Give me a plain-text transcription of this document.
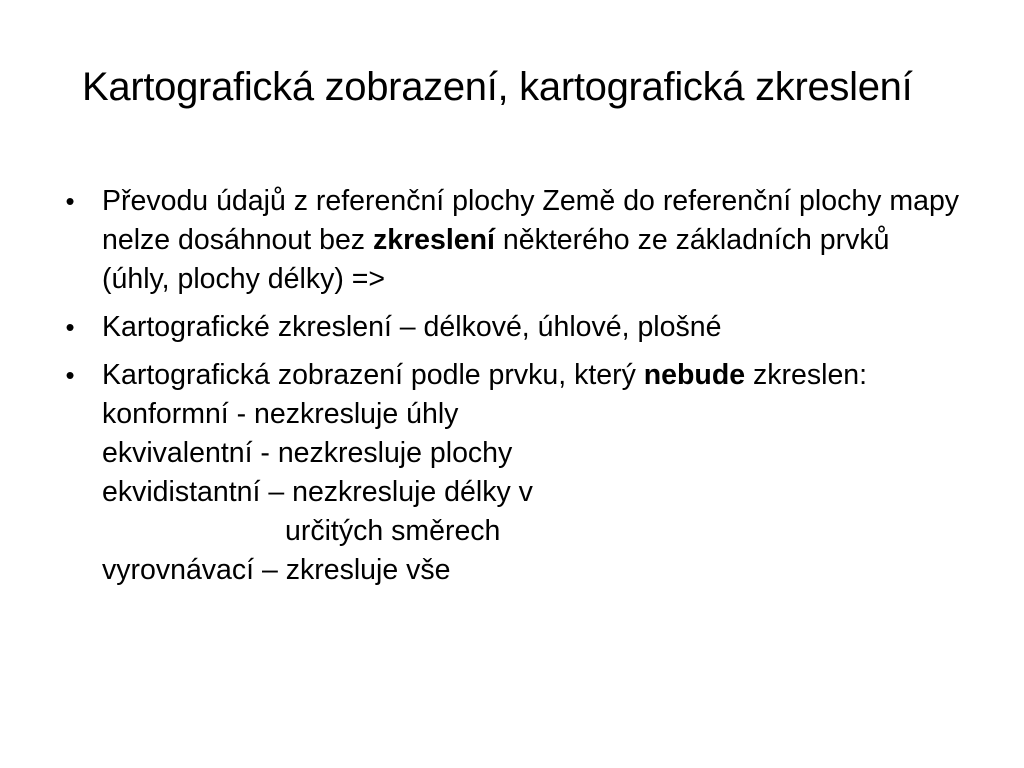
Kartografická zobrazení, kartografická zkreslení
• Převodu údajů z referenční plochy Země do referenční plochy mapy nelze dosáhnout bez zkreslení některého ze základních prvků (úhly, plochy délky) =>
• Kartografické zkreslení – délkové, úhlové, plošné
• Kartografická zobrazení podle prvku, který nebude zkreslen:
konformní - nezkresluje úhly
ekvivalentní - nezkresluje plochy
ekvidistantní – nezkresluje délky v
určitých směrech
vyrovnávací – zkresluje vše
